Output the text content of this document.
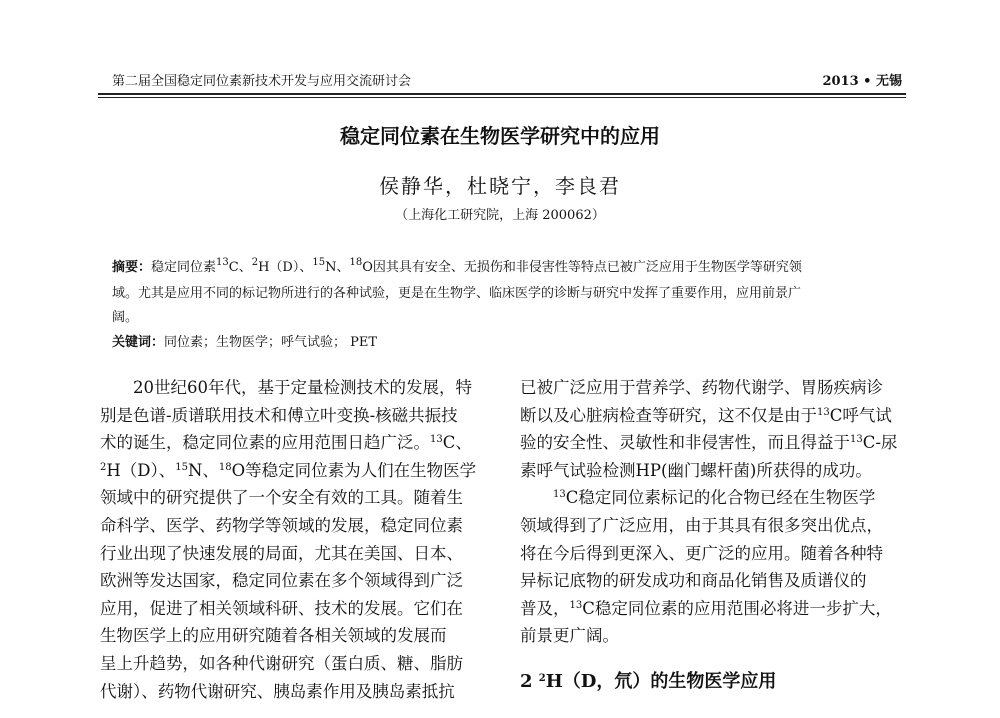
第二届全国稳定同位素新技术开发与应用交流研讨会	2013 • 无锡
稳定同位素在生物医学研究中的应用
侯静华，杜晓宁，李良君
（上海化工研究院，上海 200062）
摘要：稳定同位素$^{13}$C、$^2$H（D）、$^{15}$N、$^{18}$O因其具有安全、无损伤和非侵害性等特点已被广泛应用于生物医学等研究领
域。尤其是应用不同的标记物所进行的各种试验，更是在生物学、临床医学的诊断与研究中发挥了重要作用，应用前景广
阔。
关键词：同位素；生物医学；呼气试验； PET
　　20世纪60年代，基于定量检测技术的发展，特
别是色谱-质谱联用技术和傅立叶变换-核磁共振技
术的诞生，稳定同位素的应用范围日趋广泛。$^{13}$C、
$^2$H（D）、$^{15}$N、$^{18}$O等稳定同位素为人们在生物医学
领域中的研究提供了一个安全有效的工具。随着生
命科学、医学、药物学等领域的发展，稳定同位素
行业出现了快速发展的局面，尤其在美国、日本、
欧洲等发达国家，稳定同位素在多个领域得到广泛
应用，促进了相关领域科研、技术的发展。它们在
生物医学上的应用研究随着各相关领域的发展而
呈上升趋势，如各种代谢研究（蛋白质、糖、脂肪
代谢）、药物代谢研究、胰岛素作用及胰岛素抵抗
已被广泛应用于营养学、药物代谢学、胃肠疾病诊
断以及心脏病检查等研究，这不仅是由于$^{13}$C呼气试
验的安全性、灵敏性和非侵害性，而且得益于$^{13}$C-尿
素呼气试验检测HP(幽门螺杆菌)所获得的成功。
　　$^{13}$C稳定同位素标记的化合物已经在生物医学
领域得到了广泛应用，由于其具有很多突出优点，
将在今后得到更深入、更广泛的应用。随着各种特
异标记底物的研发成功和商品化销售及质谱仪的
普及，$^{13}$C稳定同位素的应用范围必将进一步扩大，
前景更广阔。
2 $^2$H（D，氘）的生物医学应用
